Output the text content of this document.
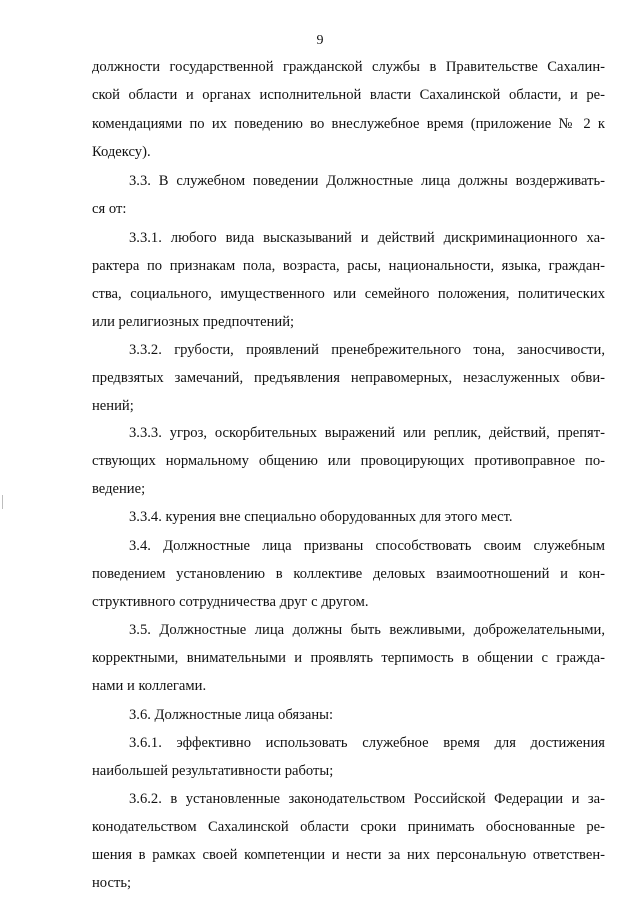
9
должности государственной гражданской службы в Правительстве Сахалин-
ской области и органах исполнительной власти Сахалинской области, и ре-
комендациями по их поведению во внеслужебное время (приложение № 2 к
Кодексу).
3.3. В служебном поведении Должностные лица должны воздерживать-
ся от:
3.3.1. любого вида высказываний и действий дискриминационного ха-
рактера по признакам пола, возраста, расы, национальности, языка, граждан-
ства, социального, имущественного или семейного положения, политических
или религиозных предпочтений;
3.3.2. грубости, проявлений пренебрежительного тона, заносчивости,
предвзятых замечаний, предъявления неправомерных, незаслуженных обви-
нений;
3.3.3. угроз, оскорбительных выражений или реплик, действий, препят-
ствующих нормальному общению или провоцирующих противоправное по-
ведение;
3.3.4. курения вне специально оборудованных для этого мест.
3.4. Должностные лица призваны способствовать своим служебным
поведением установлению в коллективе деловых взаимоотношений и кон-
структивного сотрудничества друг с другом.
3.5. Должностные лица должны быть вежливыми, доброжелательными,
корректными, внимательными и проявлять терпимость в общении с гражда-
нами и коллегами.
3.6. Должностные лица обязаны:
3.6.1. эффективно использовать служебное время для достижения
наибольшей результативности работы;
3.6.2. в установленные законодательством Российской Федерации и за-
конодательством Сахалинской области сроки принимать обоснованные ре-
шения в рамках своей компетенции и нести за них персональную ответствен-
ность;
